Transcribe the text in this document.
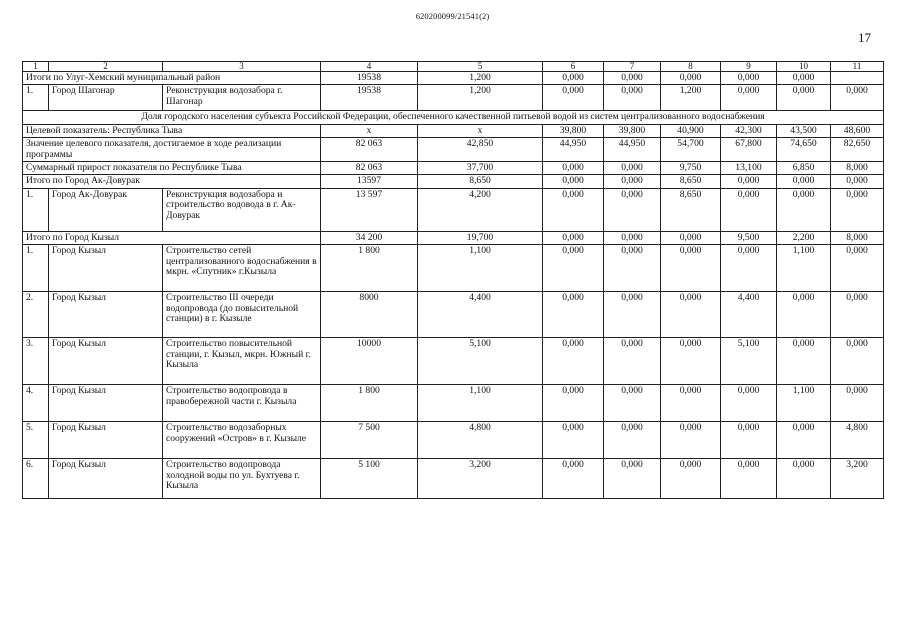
620200099/21541(2)
17
1	2	3	4	5	6	7	8	9	10	11
Итоги по Улуг-Хемский муниципальный район			19538	1,200	0,000	0,000	0,000	0,000	0,000	
1.	Город Шагонар	Реконструкция водозабора г. Шагонар	19538	1,200	0,000	0,000	1,200	0,000	0,000	0,000
Доля городского населения субъекта Российской Федерации, обеспеченного качественной питьевой водой из систем централизованного водоснабжения										
Целевой показатель: Республика Тыва			x	x	39,800	39,800	40,900	42,300	43,500	48,600
Значение целевого показателя, достигаемое в ходе реализации программы			82 063	42,850	44,950	44,950	54,700	67,800	74,650	82,650
Суммарный прирост показателя по Республике Тыва			82 063	37,700	0,000	0,000	9,750	13,100	6,850	8,000
Итого по Город Ак-Довурак			13597	8,650	0,000	0,000	8,650	0,000	0,000	0,000
1.	Город Ак-Довурак	Реконструкция водозабора и строительство водовода в г. Ак-Довурак	13 597	4,200	0,000	0,000	8,650	0,000	0,000	0,000
Итого по Город Кызыл			34 200	19,700	0,000	0,000	0,000	9,500	2,200	8,000
1.	Город Кызыл	Строительство сетей централизованного водоснабжения в мкрн. «Спутник» г.Кызыла	1 800	1,100	0,000	0,000	0,000	0,000	1,100	0,000
2.	Город Кызыл	Строительство III очереди водопровода (до повысительной станции) в г. Кызыле	8000	4,400	0,000	0,000	0,000	4,400	0,000	0,000
3.	Город Кызыл	Строительство повысительной станции, г. Кызыл, мкрн. Южный г. Кызыла	10000	5,100	0,000	0,000	0,000	5,100	0,000	0,000
4.	Город Кызыл	Строительство водопровода в правобережной части г. Кызыла	1 800	1,100	0,000	0,000	0,000	0,000	1,100	0,000
5.	Город Кызыл	Строительство водозаборных сооружений «Остров» в г. Кызыле	7 500	4,800	0,000	0,000	0,000	0,000	0,000	4,800
6.	Город Кызыл	Строительство водопровода холодной воды по ул. Бухтуева г. Кызыла	5 100	3,200	0,000	0,000	0,000	0,000	0,000	3,200
